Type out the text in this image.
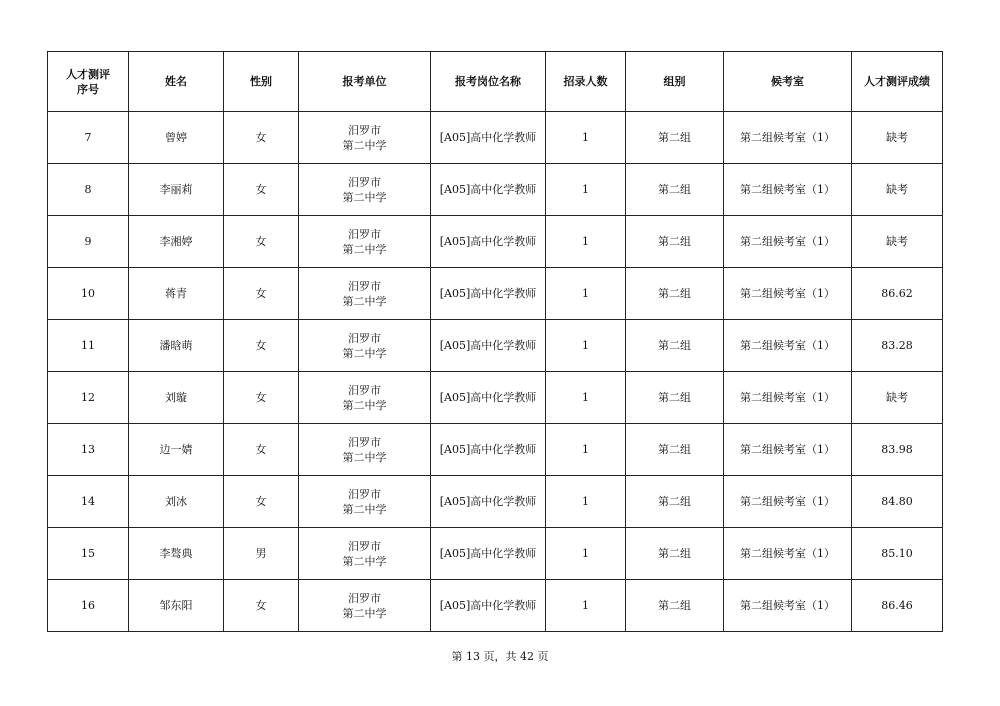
人才测评
序号	姓名	性别	报考单位	报考岗位名称	招录人数	组别	候考室	人才测评成绩
7	曾婷	女	汨罗市
第二中学	[A05]高中化学教师	1	第二组	第二组候考室（1）	缺考
8	李丽莉	女	汨罗市
第二中学	[A05]高中化学教师	1	第二组	第二组候考室（1）	缺考
9	李湘婷	女	汨罗市
第二中学	[A05]高中化学教师	1	第二组	第二组候考室（1）	缺考
10	蒋青	女	汨罗市
第二中学	[A05]高中化学教师	1	第二组	第二组候考室（1）	86.62
11	潘晗萌	女	汨罗市
第二中学	[A05]高中化学教师	1	第二组	第二组候考室（1）	83.28
12	刘璇	女	汨罗市
第二中学	[A05]高中化学教师	1	第二组	第二组候考室（1）	缺考
13	边一婧	女	汨罗市
第二中学	[A05]高中化学教师	1	第二组	第二组候考室（1）	83.98
14	刘冰	女	汨罗市
第二中学	[A05]高中化学教师	1	第二组	第二组候考室（1）	84.80
15	李骜典	男	汨罗市
第二中学	[A05]高中化学教师	1	第二组	第二组候考室（1）	85.10
16	邹东阳	女	汨罗市
第二中学	[A05]高中化学教师	1	第二组	第二组候考室（1）	86.46
第 13 页，共 42 页
